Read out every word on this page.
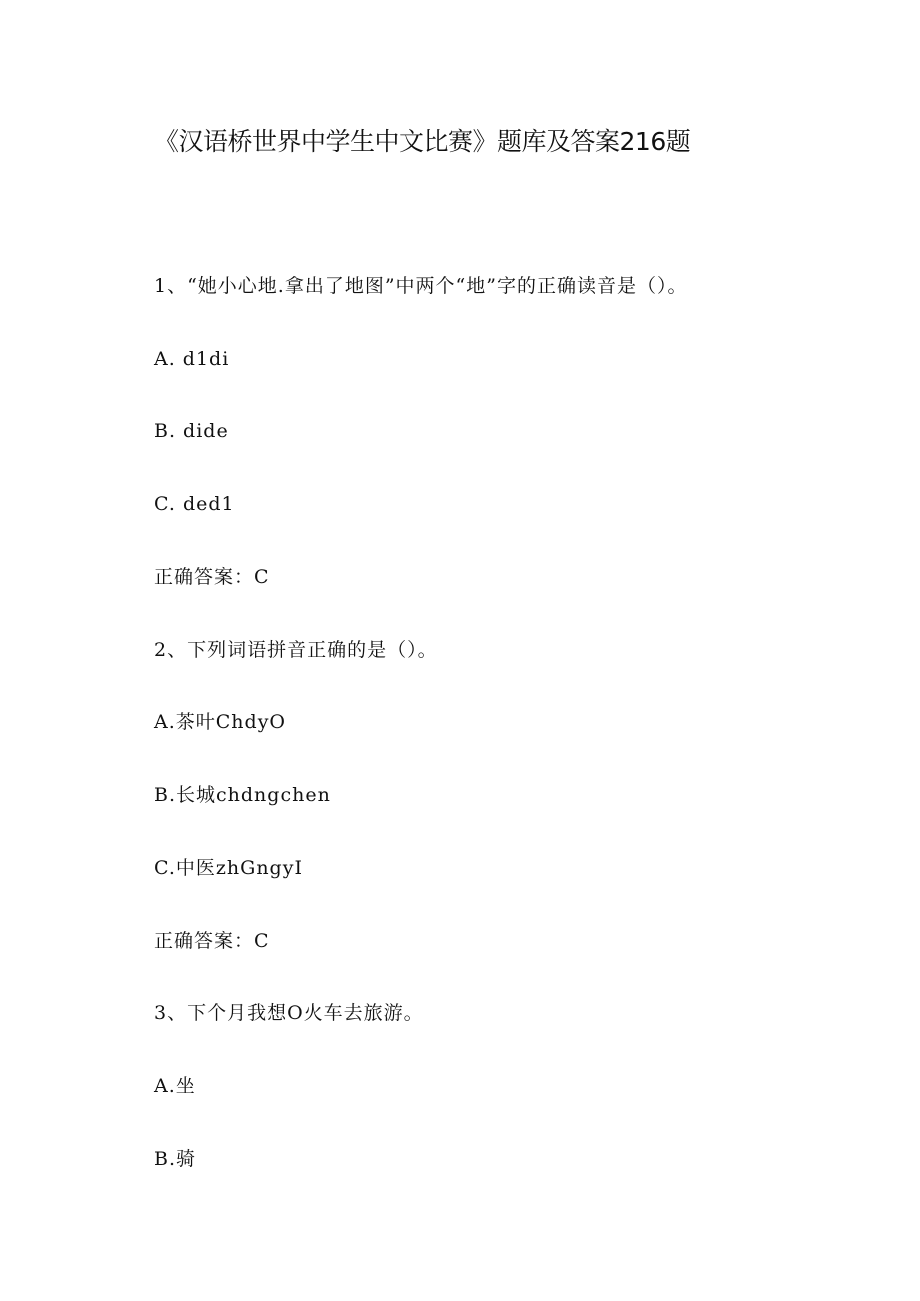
《汉语桥世界中学生中文比赛》题库及答案216题
1、“她小心地.拿出了地图”中两个“地”字的正确读音是（）。
A. d1di
B. dide
C. ded1
正确答案：C
2、下列词语拼音正确的是（）。
A.茶叶ChdyO
B.长城chdngchen
C.中医zhGngyI
正确答案：C
3、下个月我想O火车去旅游。
A.坐
B.骑
